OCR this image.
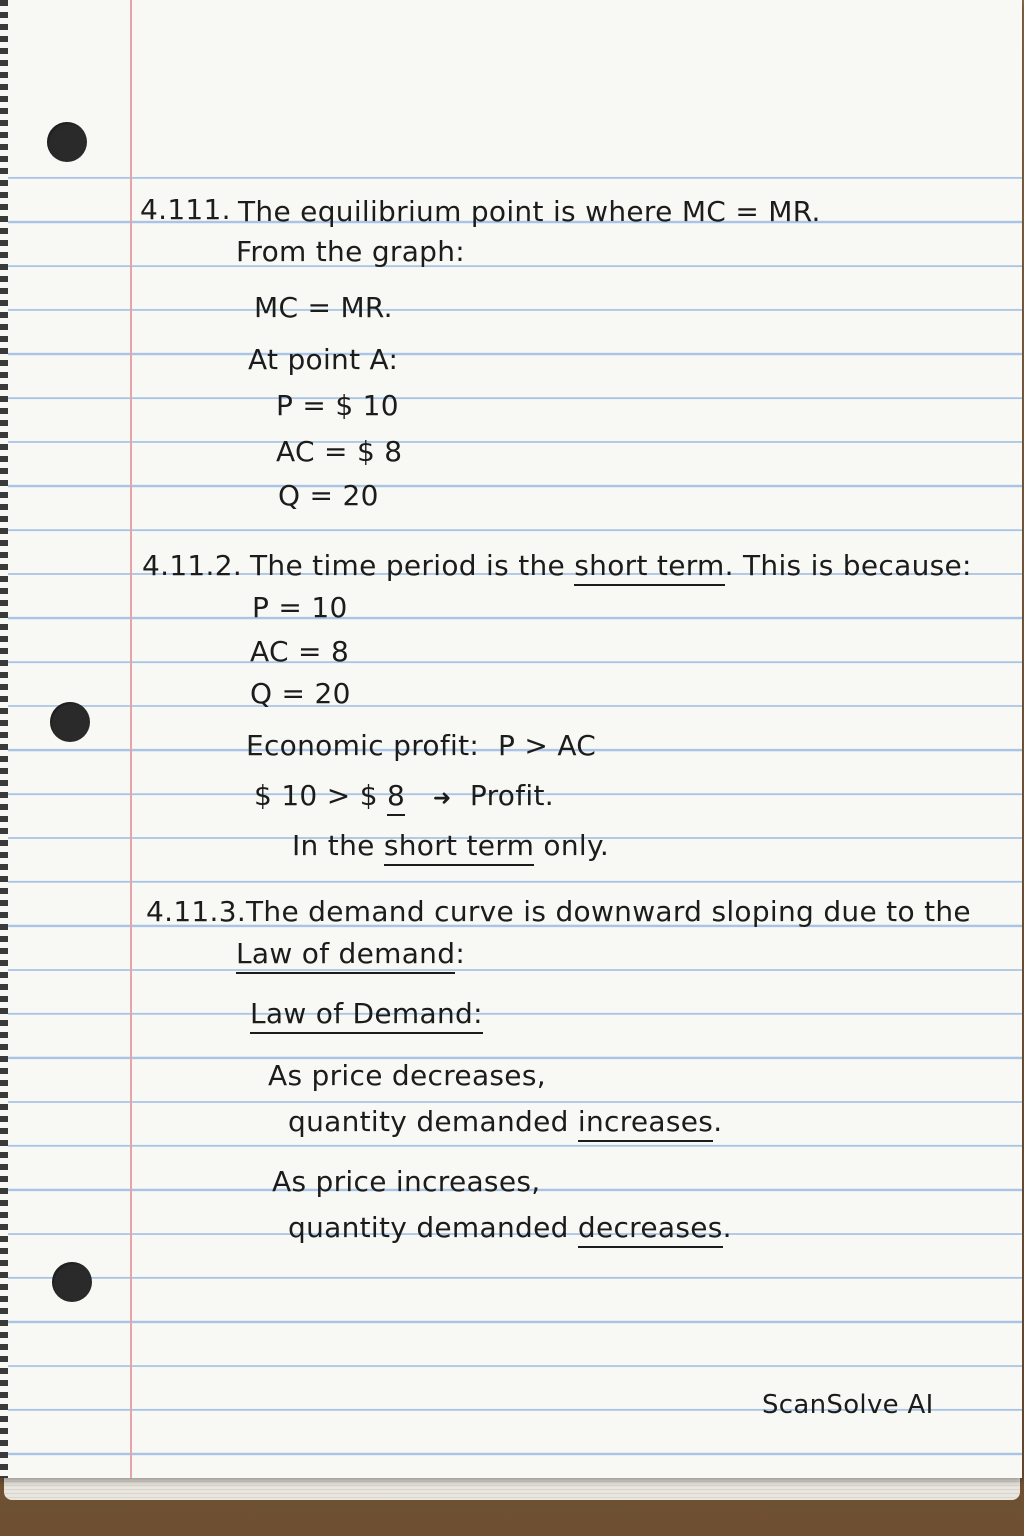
4.111. The equilibrium point is where MC = MR.
From the graph:
MC = MR.
At point A:
P = $ 10
AC = $ 8
Q = 20
4.11.2. The time period is the short term. This is because:
P = 10
AC = 8
Q = 20
Economic profit: P > AC
$ 10 > $ 8 ➜ Profit.
In the short term only.
4.11.3. The demand curve is downward sloping due to the
Law of demand:
Law of Demand:
As price decreases,
quantity demanded increases.
As price increases,
quantity demanded decreases.
ScanSolve AI
